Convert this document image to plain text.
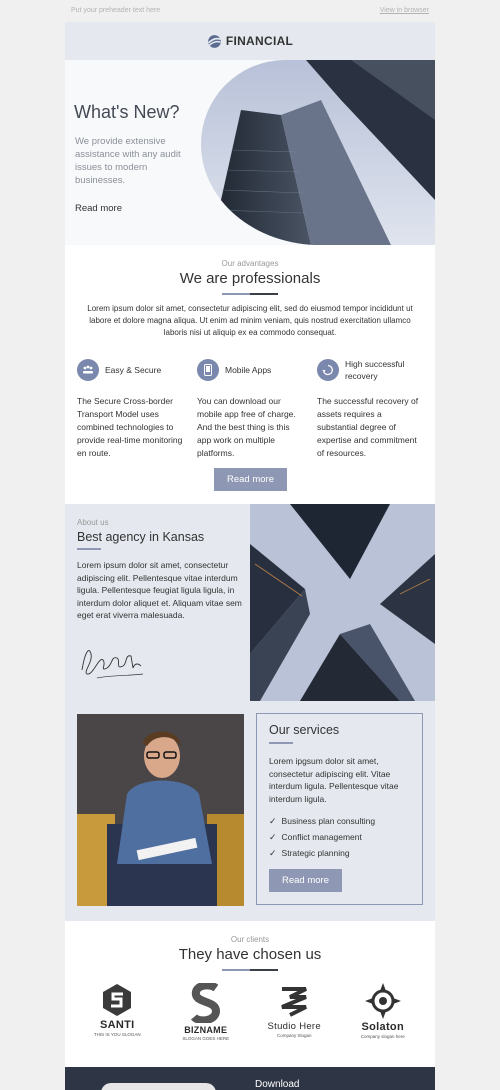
Put your preheader text here	View in browser
FINANCIAL
What's New?
We provide extensive assistance with any audit issues to modern businesses.
Read more
Our advantages
We are professionals
Lorem ipsum dolor sit amet, consectetur adipiscing elit, sed do eiusmod tempor incididunt ut labore et dolore magna aliqua. Ut enim ad minim veniam, quis nostrud exercitation ullamco laboris nisi ut aliquip ex ea commodo consequat.
Easy & Secure
The Secure Cross-border Transport Model uses combined technologies to provide real-time monitoring en route.
Mobile Apps
You can download our mobile app free of charge. And the best thing is this app work on multiple platforms.
High successful recovery
The successful recovery of assets requires a substantial degree of expertise and commitment of resources.
Read more
About us
Best agency in Kansas
Lorem ipsum dolor sit amet, consectetur adipiscing elit. Pellentesque vitae interdum ligula. Pellentesque feugiat ligula ligula, in interdum dolor aliquet et. Aliquam vitae sem eget erat viverra malesuada.
Our services
Lorem ipgsum dolor sit amet, consectetur adipiscing elit. Vitae interdum ligula. Pellentesque vitae interdum ligula.
✓ Business plan consulting
✓ Conflict management
✓ Strategic planning
Read more
Our clients
They have chosen us
SANTI
THIS IS YOU SLOGAN	BIZNAME
SLOGAN GOES HERE
Studio Here
Company Slogan
Solaton
Company slogan here
Download
